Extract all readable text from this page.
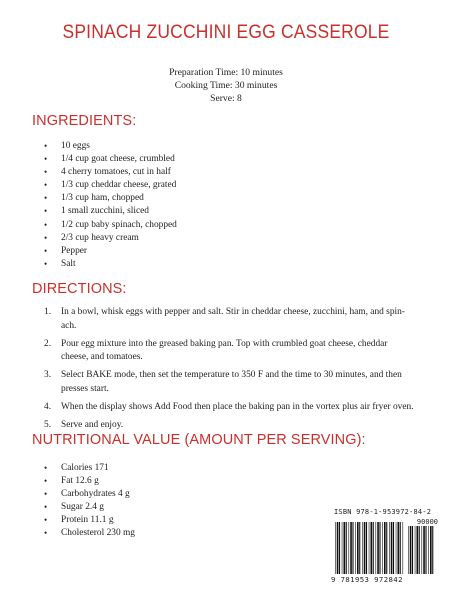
SPINACH ZUCCHINI EGG CASSEROLE
Preparation Time: 10 minutes
Cooking Time: 30 minutes
Serve: 8
INGREDIENTS:
• 10 eggs
• 1/4 cup goat cheese, crumbled
• 4 cherry tomatoes, cut in half
• 1/3 cup cheddar cheese, grated
• 1/3 cup ham, chopped
• 1 small zucchini, sliced
• 1/2 cup baby spinach, chopped
• 2/3 cup heavy cream
• Pepper
• Salt
DIRECTIONS:
1. In a bowl, whisk eggs with pepper and salt. Stir in cheddar cheese, zucchini, ham, and spin-ach.
2. Pour egg mixture into the greased baking pan. Top with crumbled goat cheese, cheddar cheese, and tomatoes.
3. Select BAKE mode, then set the temperature to 350 F and the time to 30 minutes, and then presses start.
4. When the display shows Add Food then place the baking pan in the vortex plus air fryer oven.
5. Serve and enjoy.
NUTRITIONAL VALUE (AMOUNT PER SERVING):
• Calories 171
• Fat 12.6 g
• Carbohydrates 4 g
• Sugar 2.4 g
• Protein 11.1 g
• Cholesterol 230 mg
ISBN 978-1-953972-84-2
90000
9 781953 972842
